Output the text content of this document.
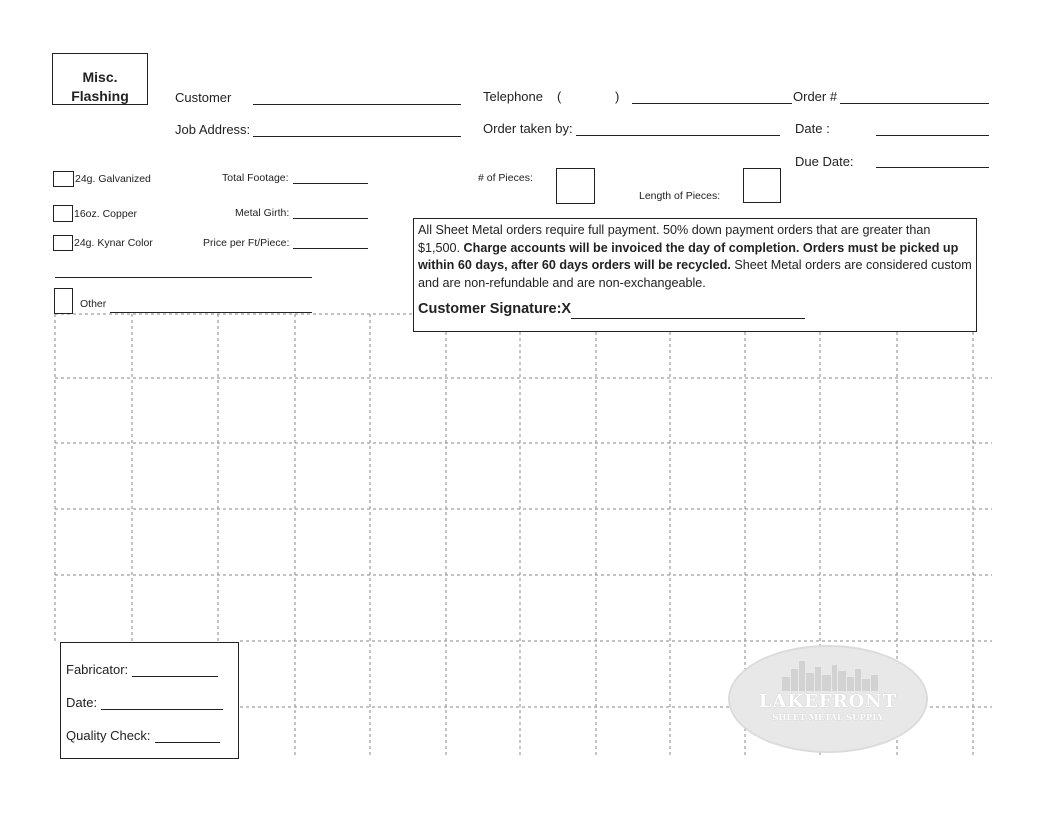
Misc.
Flashing	Customer	Telephone (	)	Order #
Job Address:	Order taken by:	Date :
Due Date:
24g. Galvanized
16oz. Copper
24g. Kynar Color
Other
Total Footage:
Metal Girth:
Price per Ft/Piece:
# of Pieces:
Length of Pieces:
All Sheet Metal orders require full payment. 50% down payment orders that are greater than $1,500. Charge accounts will be invoiced the day of completion. Orders must be picked up within 60 days, after 60 days orders will be recycled. Sheet Metal orders are considered custom and are non-refundable and are non-exchangeable.
Customer Signature:X
Fabricator:
Date:
Quality Check:
LAKEFRONT
SHEET METAL SUPPLY
